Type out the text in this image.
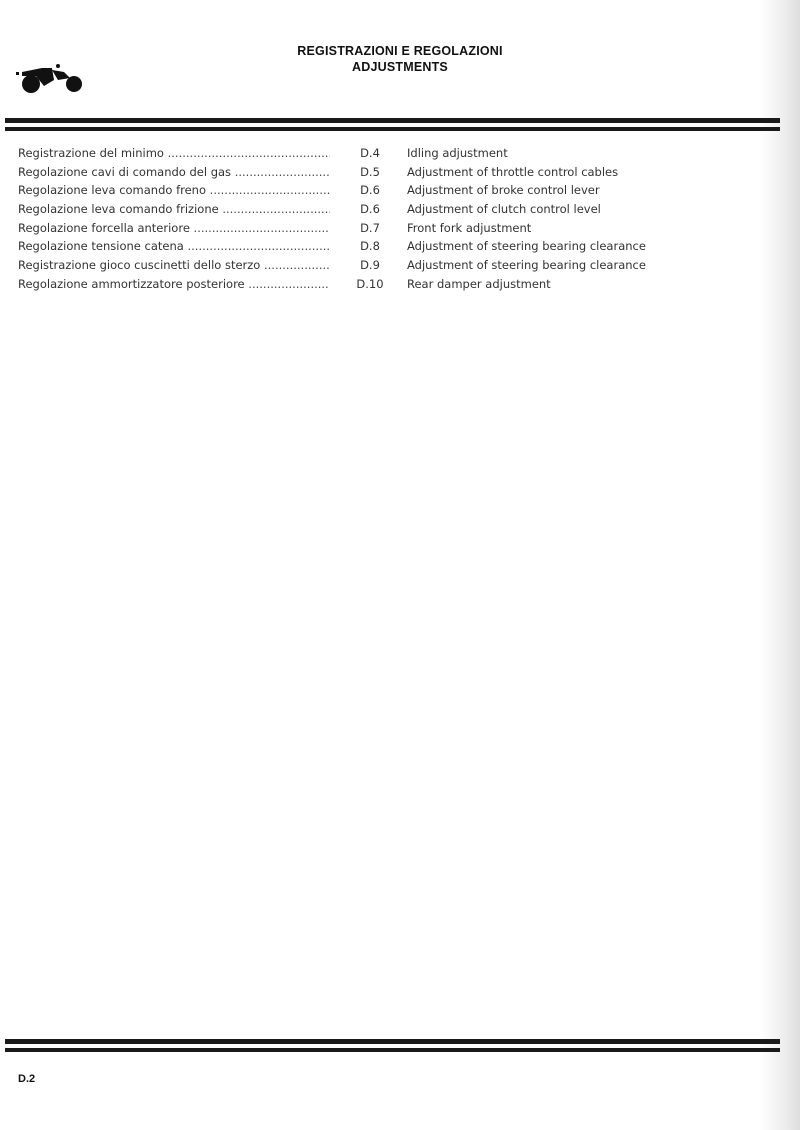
REGISTRAZIONI E REGOLAZIONI
ADJUSTMENTS
Registrazione del minimo .....	D.4	Idling adjustment
Regolazione cavi di comando del gas .....	D.5	Adjustment of throttle control cables
Regolazione leva comando freno .....	D.6	Adjustment of broke control lever
Regolazione leva comando frizione .....	D.6	Adjustment of clutch control level
Regolazione forcella anteriore .....	D.7	Front fork adjustment
Regolazione tensione catena .....	D.8	Adjustment of steering bearing clearance
Registrazione gioco cuscinetti dello sterzo .....	D.9	Adjustment of steering bearing clearance
Regolazione ammortizzatore posteriore .....	D.10	Rear damper adjustment
D.2
